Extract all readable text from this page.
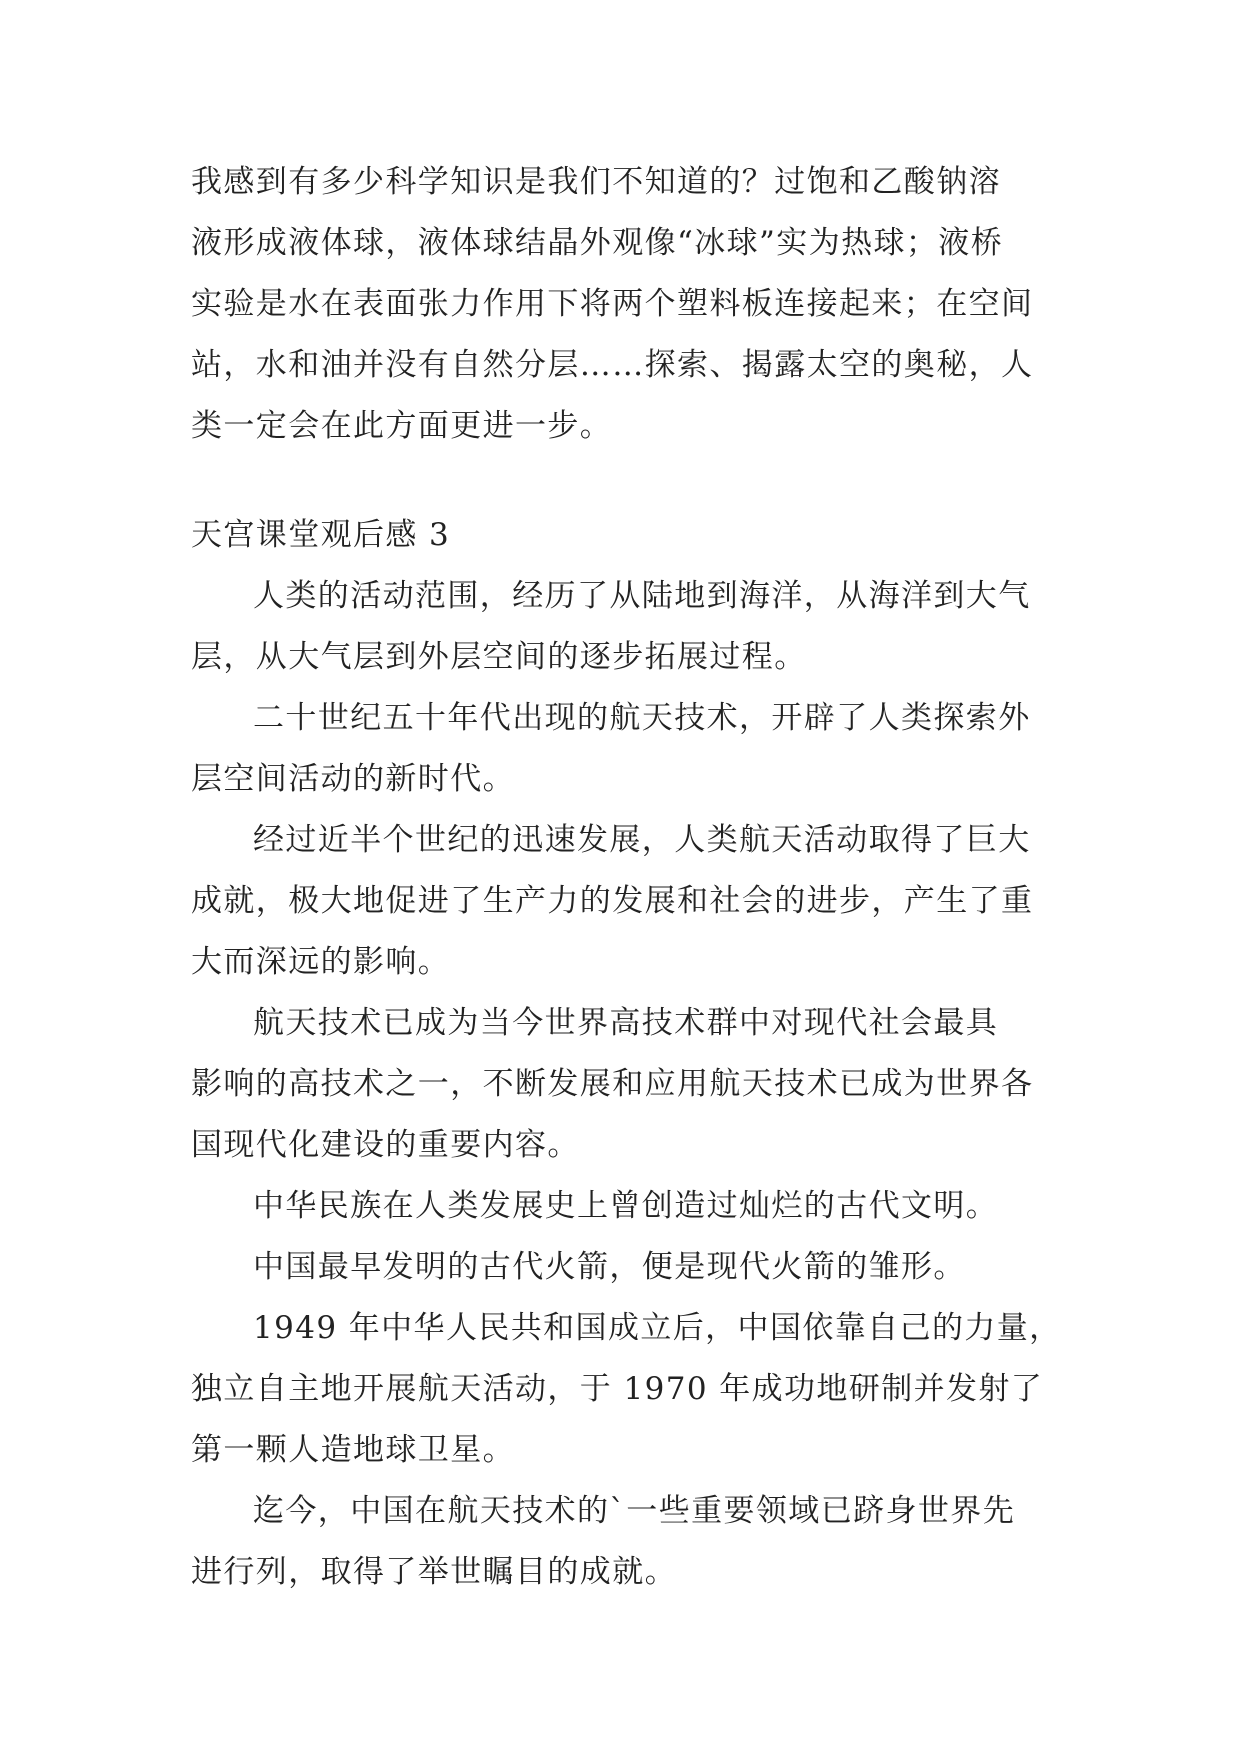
我感到有多少科学知识是我们不知道的？过饱和乙酸钠溶
液形成液体球，液体球结晶外观像“冰球”实为热球；液桥
实验是水在表面张力作用下将两个塑料板连接起来；在空间
站，水和油并没有自然分层……探索、揭露太空的奥秘，人
类一定会在此方面更进一步。
天宫课堂观后感 3
人类的活动范围，经历了从陆地到海洋，从海洋到大气
层，从大气层到外层空间的逐步拓展过程。
二十世纪五十年代出现的航天技术，开辟了人类探索外
层空间活动的新时代。
经过近半个世纪的迅速发展，人类航天活动取得了巨大
成就，极大地促进了生产力的发展和社会的进步，产生了重
大而深远的影响。
航天技术已成为当今世界高技术群中对现代社会最具
影响的高技术之一，不断发展和应用航天技术已成为世界各
国现代化建设的重要内容。
中华民族在人类发展史上曾创造过灿烂的古代文明。
中国最早发明的古代火箭，便是现代火箭的雏形。
1949 年中华人民共和国成立后，中国依靠自己的力量，
独立自主地开展航天活动，于 1970 年成功地研制并发射了
第一颗人造地球卫星。
迄今，中国在航天技术的`一些重要领域已跻身世界先
进行列，取得了举世瞩目的成就。
